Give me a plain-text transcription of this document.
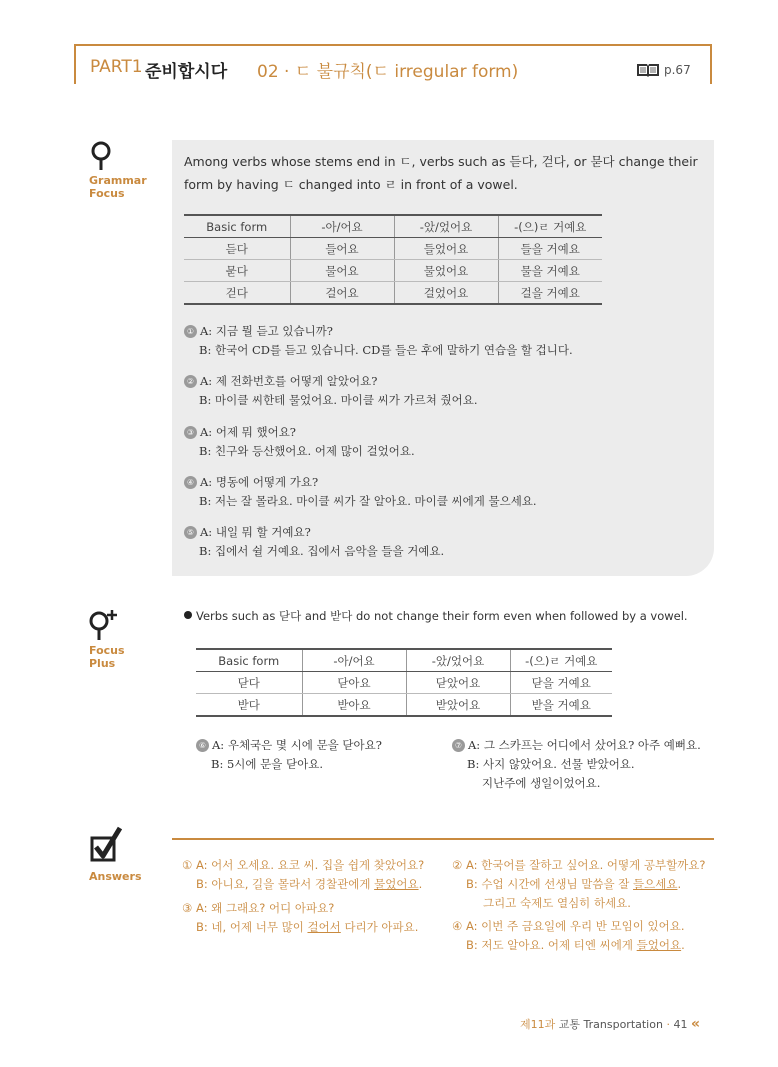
PART1 준비합시다 02 · ㄷ 불규칙(ㄷ irregular form)	p.67
Grammar
Focus
Among verbs whose stems end in ㄷ, verbs such as 듣다, 걷다, or 묻다 change their
form by having ㄷ changed into ㄹ in front of a vowel.
Basic form	-아/어요	-았/었어요	-(으)ㄹ 거예요
듣다	들어요	들었어요	들을 거예요
묻다	물어요	물었어요	물을 거예요
걷다	걸어요	걸었어요	걸을 거예요
① A: 지금 뭘 듣고 있습니까?
B: 한국어 CD를 듣고 있습니다. CD를 들은 후에 말하기 연습을 할 겁니다.
② A: 제 전화번호를 어떻게 알았어요?
B: 마이클 씨한테 물었어요. 마이클 씨가 가르쳐 줬어요.
③ A: 어제 뭐 했어요?
B: 친구와 등산했어요. 어제 많이 걸었어요.
④ A: 명동에 어떻게 가요?
B: 저는 잘 몰라요. 마이클 씨가 잘 알아요. 마이클 씨에게 물으세요.
⑤ A: 내일 뭐 할 거예요?
B: 집에서 쉴 거예요. 집에서 음악을 들을 거예요.
Focus
Plus
Verbs such as 닫다 and 받다 do not change their form even when followed by a vowel.
Basic form	-아/어요	-았/었어요	-(으)ㄹ 거예요
닫다	닫아요	닫았어요	닫을 거예요
받다	받아요	받았어요	받을 거예요
⑥ A: 우체국은 몇 시에 문을 닫아요?
B: 5시에 문을 닫아요.
⑦ A: 그 스카프는 어디에서 샀어요? 아주 예뻐요.
B: 사지 않았어요. 선물 받았어요.
지난주에 생일이었어요.
Answers
① A: 어서 오세요. 요코 씨. 집을 쉽게 찾았어요?
B: 아니요, 길을 몰라서 경찰관에게 물었어요.
③ A: 왜 그래요? 어디 아파요?
B: 네, 어제 너무 많이 걸어서 다리가 아파요.
② A: 한국어를 잘하고 싶어요. 어떻게 공부할까요?
B: 수업 시간에 선생님 말씀을 잘 들으세요.
그리고 숙제도 열심히 하세요.
④ A: 이번 주 금요일에 우리 반 모임이 있어요.
B: 저도 알아요. 어제 티엔 씨에게 들었어요.
제11과 교통 Transportation · 41 «
